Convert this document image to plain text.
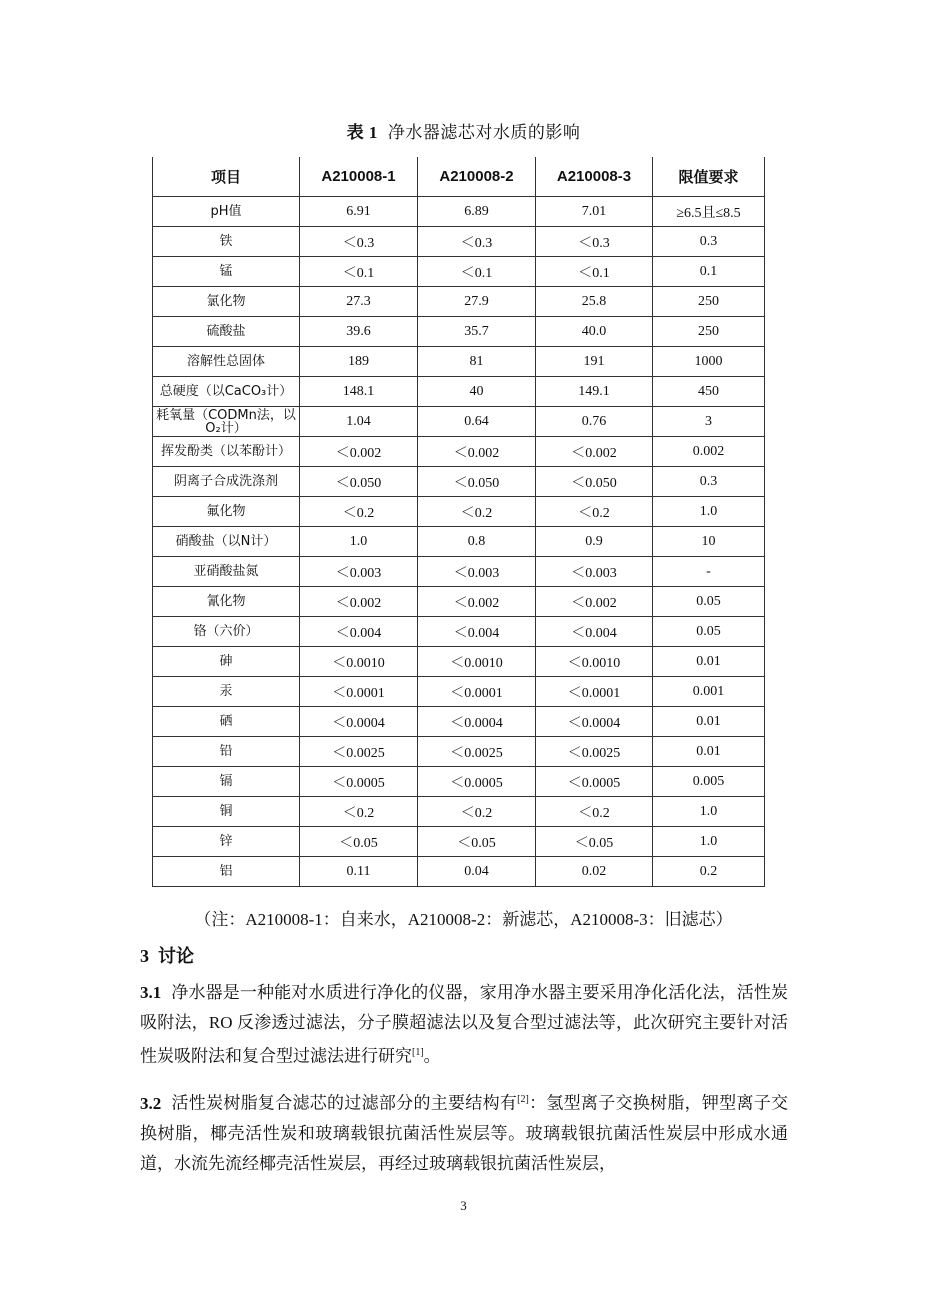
表 1 净水器滤芯对水质的影响
项目	A210008-1	A210008-2	A210008-3	限值要求
pH值	6.91	6.89	7.01	≥6.5且≤8.5
铁	＜0.3	＜0.3	＜0.3	0.3
锰	＜0.1	＜0.1	＜0.1	0.1
氯化物	27.3	27.9	25.8	250
硫酸盐	39.6	35.7	40.0	250
溶解性总固体	189	81	191	1000
总硬度（以CaCO₃计）	148.1	40	149.1	450
耗氧量（CODMn法，以O₂计）	1.04	0.64	0.76	3
挥发酚类（以苯酚计）	＜0.002	＜0.002	＜0.002	0.002
阴离子合成洗涤剂	＜0.050	＜0.050	＜0.050	0.3
氟化物	＜0.2	＜0.2	＜0.2	1.0
硝酸盐（以N计）	1.0	0.8	0.9	10
亚硝酸盐氮	＜0.003	＜0.003	＜0.003	-
氰化物	＜0.002	＜0.002	＜0.002	0.05
铬（六价）	＜0.004	＜0.004	＜0.004	0.05
砷	＜0.0010	＜0.0010	＜0.0010	0.01
汞	＜0.0001	＜0.0001	＜0.0001	0.001
硒	＜0.0004	＜0.0004	＜0.0004	0.01
铅	＜0.0025	＜0.0025	＜0.0025	0.01
镉	＜0.0005	＜0.0005	＜0.0005	0.005
铜	＜0.2	＜0.2	＜0.2	1.0
锌	＜0.05	＜0.05	＜0.05	1.0
铝	0.11	0.04	0.02	0.2
（注：A210008-1：自来水，A210008-2：新滤芯，A210008-3：旧滤芯）
3 讨论

3.1 净水器是一种能对水质进行净化的仪器，家用净水器主要采用净化活化法，活性炭吸附法，RO 反渗透过滤法，分子膜超滤法以及复合型过滤法等，此次研究主要针对活性炭吸附法和复合型过滤法进行研究[1]。

3.2 活性炭树脂复合滤芯的过滤部分的主要结构有[2]：氢型离子交换树脂，钾型离子交换树脂，椰壳活性炭和玻璃载银抗菌活性炭层等。玻璃载银抗菌活性炭层中形成水通道，水流先流经椰壳活性炭层，再经过玻璃载银抗菌活性炭层，

3
